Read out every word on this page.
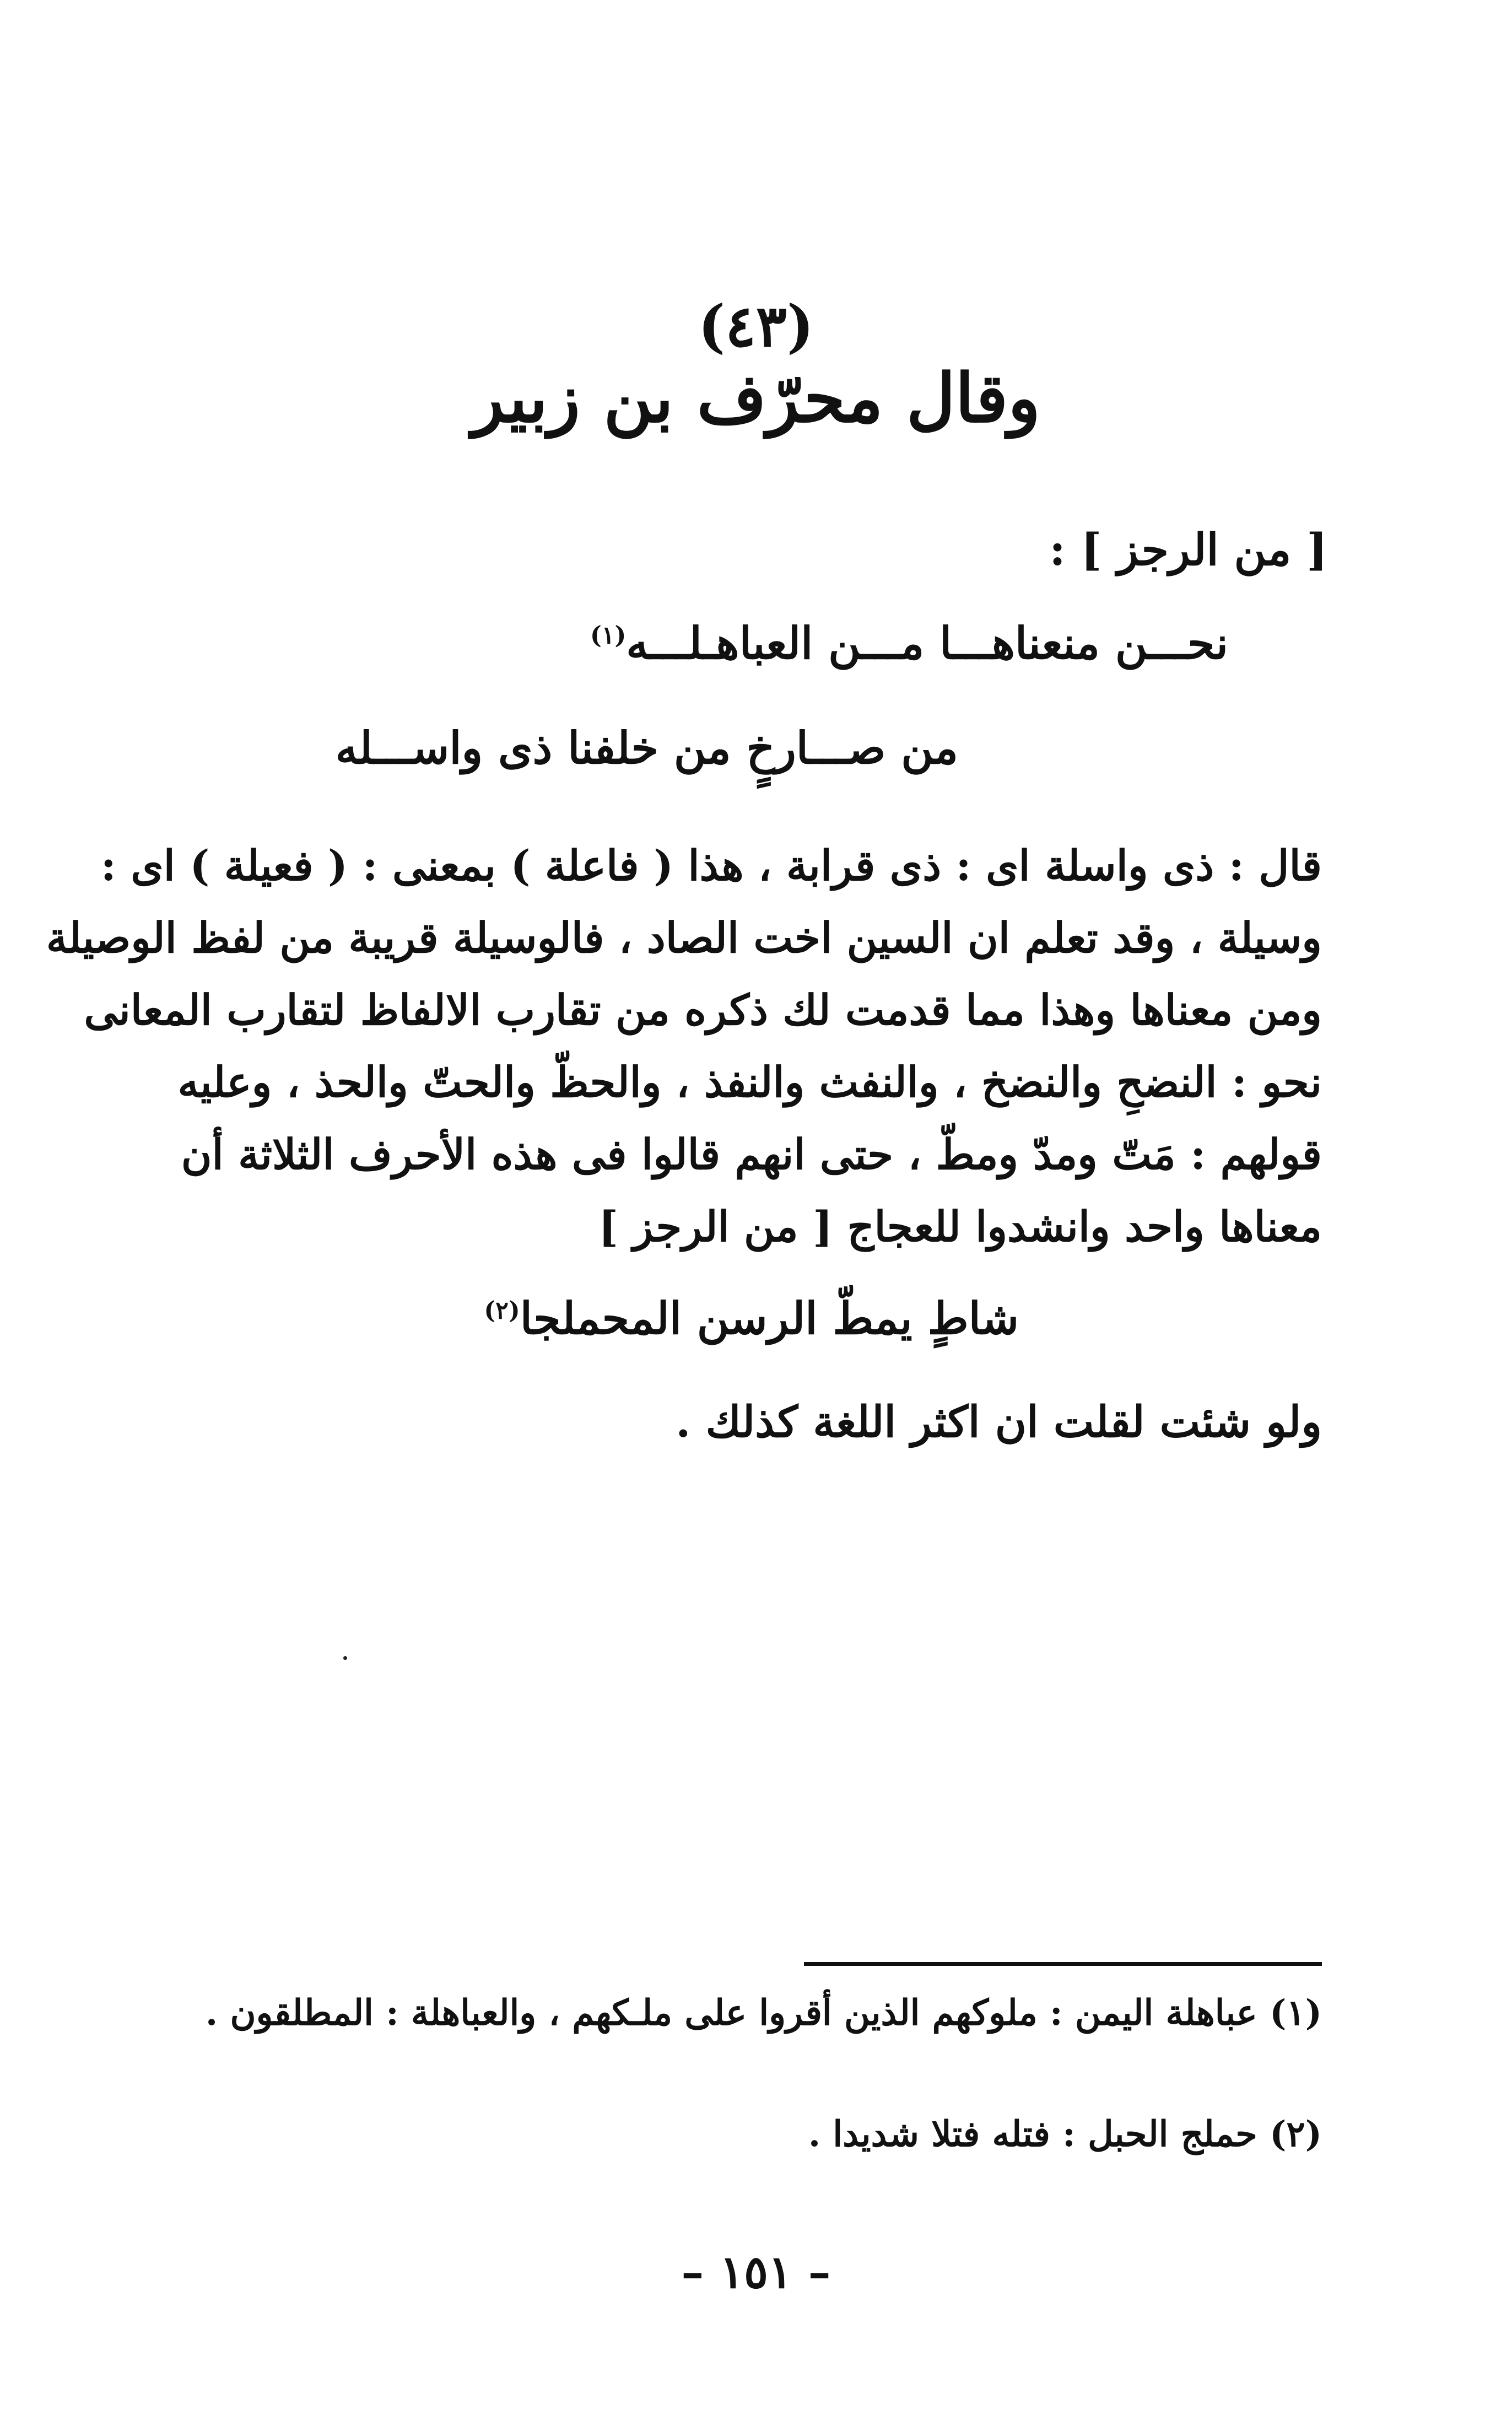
(٤٣)
وقال محرّف بن زبير
[ من الرجز ] :
نحـــن منعناهـــا مـــن العباهـلـــه$^{(١)}$
من صـــارخٍ من خلفنا ذى واســـله
قال : ذى واسلة اى : ذى قرابة ، هذا ( فاعلة ) بمعنى : ( فعيلة ) اى :
وسيلة ، وقد تعلم ان السين اخت الصاد ، فالوسيلة قريبة من لفظ الوصيلة
ومن معناها وهذا مما قدمت لك ذكره من تقارب الالفاظ لتقارب المعانى
نحو : النضحِ والنضخ ، والنفث والنفذ ، والحظّ والحتّ والحذ ، وعليه
قولهم : مَتّ ومدّ ومطّ ، حتى انهم قالوا فى هذه الأحرف الثلاثة أن
معناها واحد وانشدوا للعجاج [ من الرجز ]
شاطٍ يمطّ الرسن المحملجا$^{(٢)}$
ولو شئت لقلت ان اكثر اللغة كذلك .
(١) عباهلة اليمن : ملوكهم الذين أقروا على ملـكهم ، والعباهلة : المطلقون .
(٢) حملج الحبل : فتله فتلا شديدا .
– ١٥١ –
